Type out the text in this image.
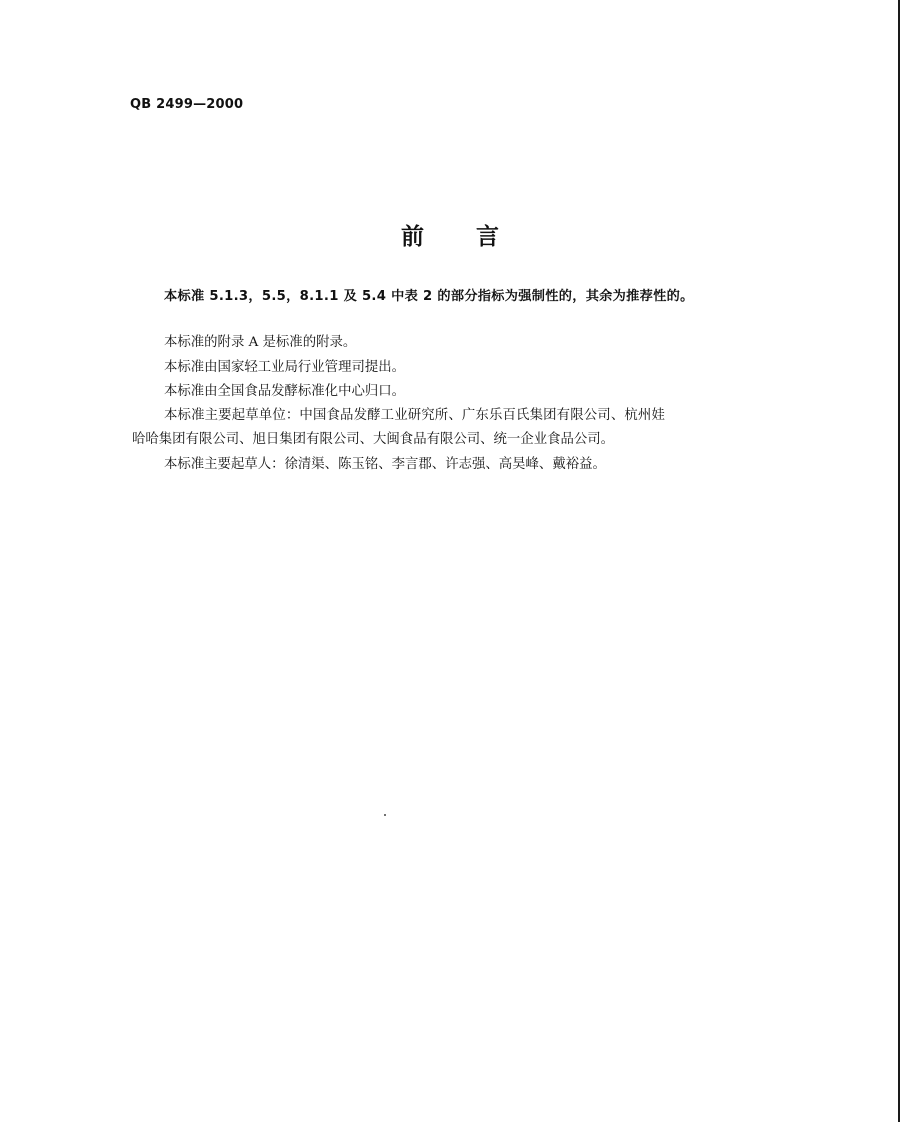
QB 2499—2000
前 言
本标准 5.1.3，5.5，8.1.1 及 5.4 中表 2 的部分指标为强制性的，其余为推荐性的。
本标准的附录 A 是标准的附录。
本标准由国家轻工业局行业管理司提出。
本标准由全国食品发酵标准化中心归口。
本标准主要起草单位：中国食品发酵工业研究所、广东乐百氏集团有限公司、杭州娃
哈哈集团有限公司、旭日集团有限公司、大闽食品有限公司、统一企业食品公司。
本标准主要起草人：徐清渠、陈玉铭、李言郡、许志强、高昊峰、戴裕益。
